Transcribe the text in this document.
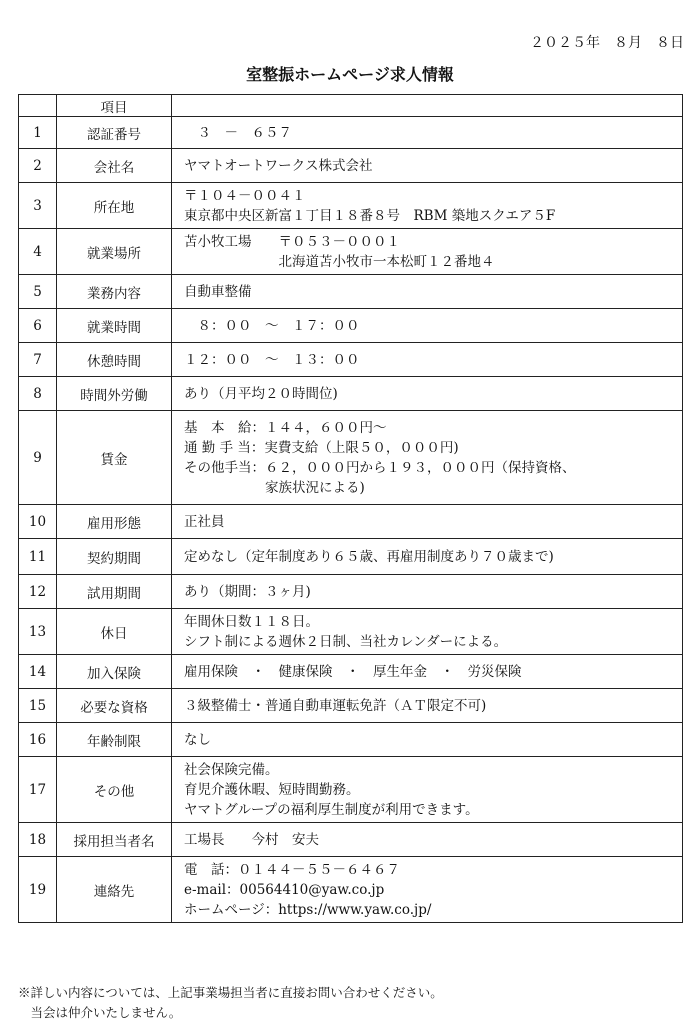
２０２５年　８月　８日
室整振ホームページ求人情報
	項目	
1	認証番号	　３　－　６５７

2	会社名	ヤマトオートワークス株式会社

3	所在地	〒１０４－００４１
東京都中央区新富１丁目１８番８号　RBM 築地スクエア５F

4	就業場所	苫小牧工場　　〒０５３－０００１
　　　　　　　北海道苫小牧市一本松町１２番地４

5	業務内容	自動車整備

6	就業時間	　８：００　～　１７：００

7	休憩時間	１２：００　～　１３：００

8	時間外労働	あり（月平均２０時間位)

9	賃金	基　本　給：１４４，６００円～
通 勤 手 当：実費支給（上限５０，０００円)
その他手当：６２，０００円から１９３，０００円（保持資格、
　　　　　　家族状況による)

10	雇用形態	正社員

11	契約期間	定めなし（定年制度あり６５歳、再雇用制度あり７０歳まで)

12	試用期間	あり（期間：３ヶ月)

13	休日	年間休日数１１８日。
シフト制による週休２日制、当社カレンダーによる。

14	加入保険	雇用保険　・　健康保険　・　厚生年金　・　労災保険

15	必要な資格	３級整備士・普通自動車運転免許（ＡＴ限定不可)

16	年齢制限	なし

17	その他	社会保険完備。
育児介護休暇、短時間勤務。
ヤマトグループの福利厚生制度が利用できます。

18	採用担当者名	工場長　　今村　安夫

19	連絡先	電　話：０１４４－５５－６４６７
e-mail：00564410@yaw.co.jp
ホームページ：https://www.yaw.co.jp/
※詳しい内容については、上記事業場担当者に直接お問い合わせください。
　当会は仲介いたしません。
